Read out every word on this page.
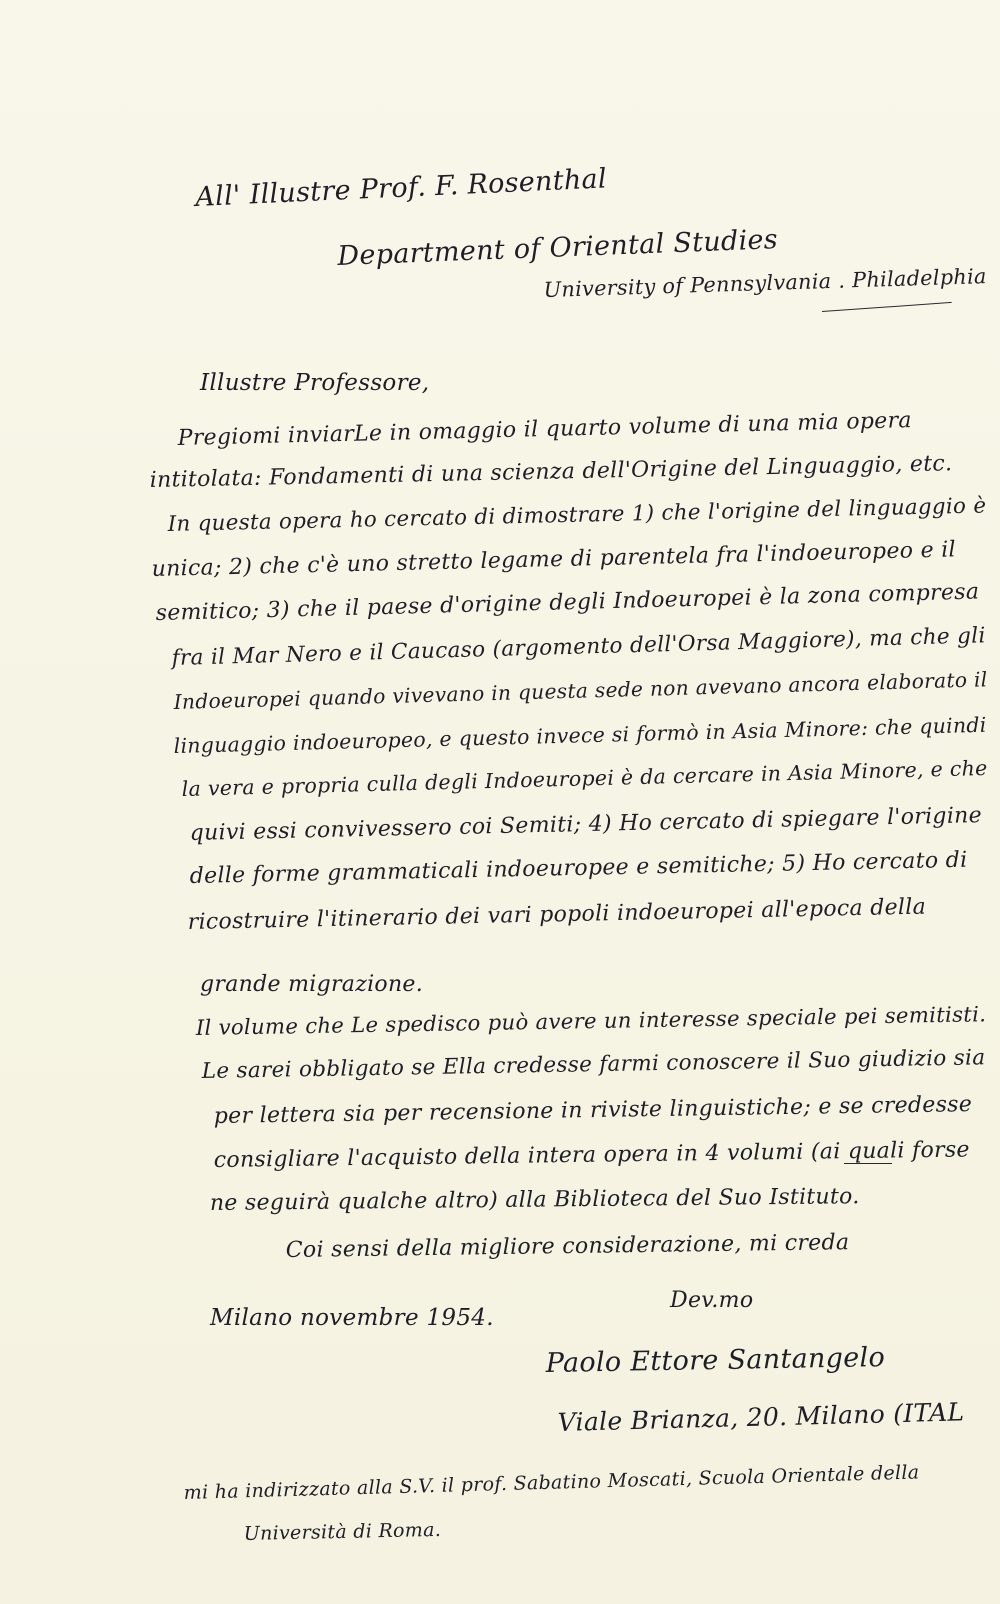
All' Illustre Prof. F. Rosenthal
Department of Oriental Studies
University of Pennsylvania . Philadelphia
Illustre Professore,
Pregiomi inviarLe in omaggio il quarto volume di una mia opera
intitolata: Fondamenti di una scienza dell'Origine del Linguaggio, etc.
In questa opera ho cercato di dimostrare 1) che l'origine del linguaggio è
unica; 2) che c'è uno stretto legame di parentela fra l'indoeuropeo e il
semitico; 3) che il paese d'origine degli Indoeuropei è la zona compresa
fra il Mar Nero e il Caucaso (argomento dell'Orsa Maggiore), ma che gli
Indoeuropei quando vivevano in questa sede non avevano ancora elaborato il
linguaggio indoeuropeo, e questo invece si formò in Asia Minore: che quindi
la vera e propria culla degli Indoeuropei è da cercare in Asia Minore, e che
quivi essi convivessero coi Semiti; 4) Ho cercato di spiegare l'origine
delle forme grammaticali indoeuropee e semitiche; 5) Ho cercato di
ricostruire l'itinerario dei vari popoli indoeuropei all'epoca della
grande migrazione.
Il volume che Le spedisco può avere un interesse speciale pei semitisti.
Le sarei obbligato se Ella credesse farmi conoscere il Suo giudizio sia
per lettera sia per recensione in riviste linguistiche; e se credesse
consigliare l'acquisto della intera opera in 4 volumi (ai quali forse
ne seguirà qualche altro) alla Biblioteca del Suo Istituto.
Coi sensi della migliore considerazione, mi creda
Dev.mo
Milano novembre 1954.
Paolo Ettore Santangelo
Viale Brianza, 20. Milano (ITAL
mi ha indirizzato alla S.V. il prof. Sabatino Moscati, Scuola Orientale della
Università di Roma.
